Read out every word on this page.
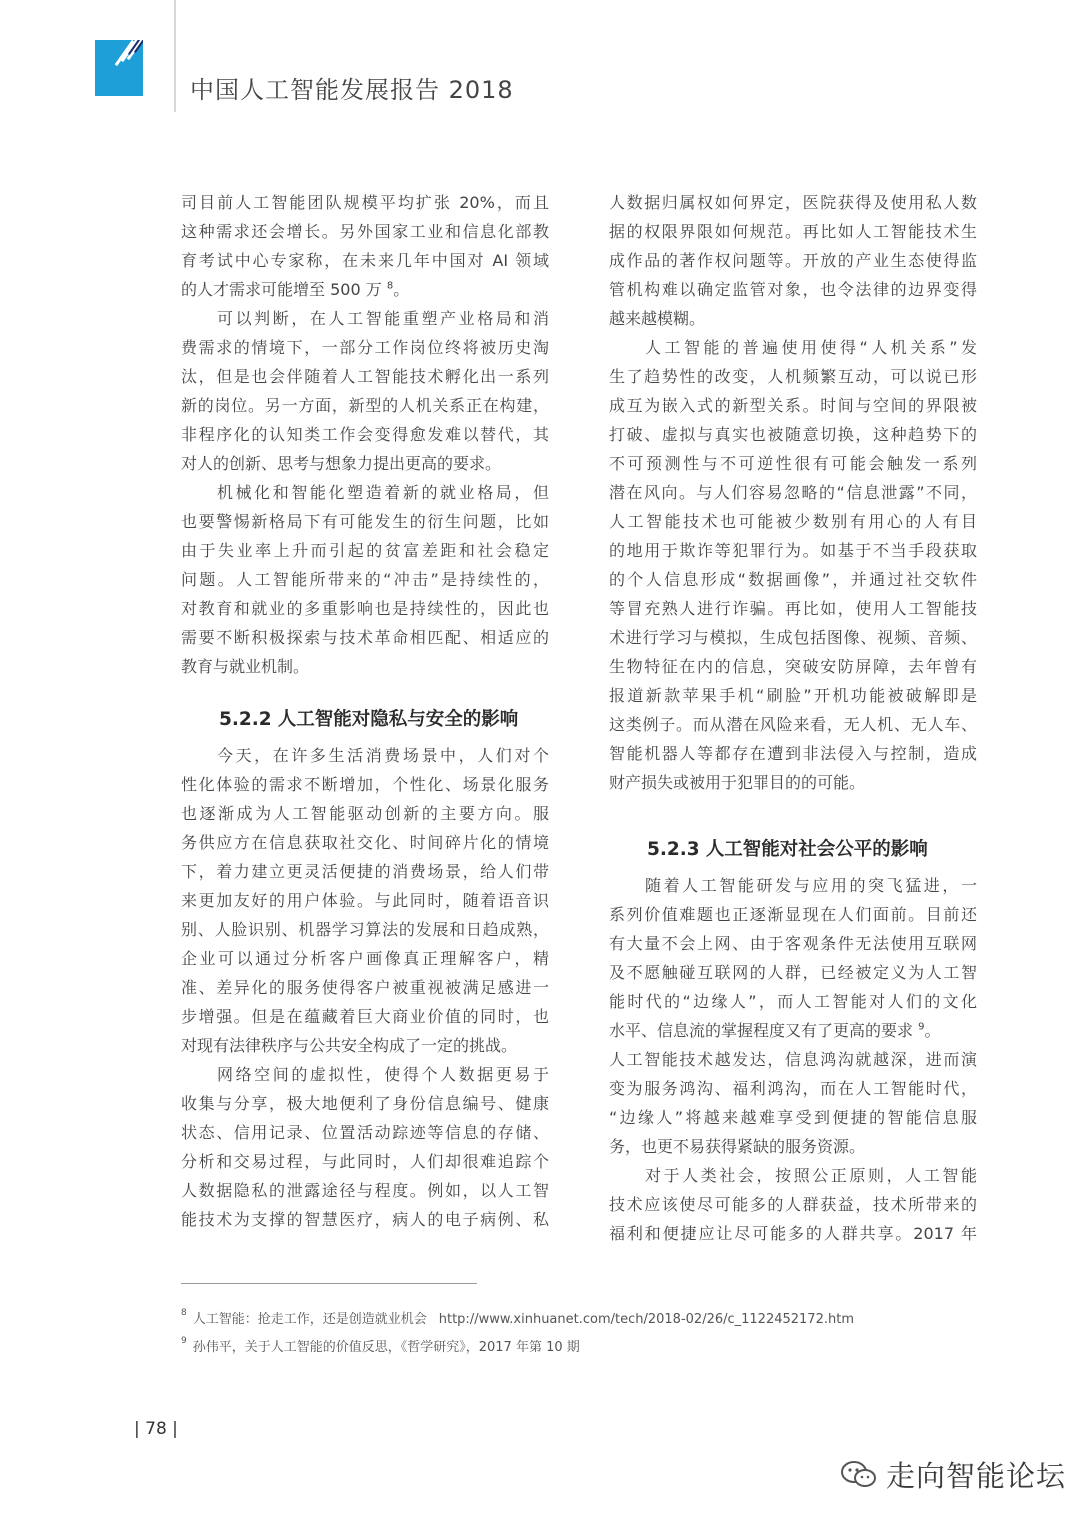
中国人工智能发展报告 2018
司目前人工智能团队规模平均扩张 20%，而且
这种需求还会增长。另外国家工业和信息化部教
育考试中心专家称，在未来几年中国对 AI 领域
的人才需求可能增至 500 万 $^8$。
可以判断，在人工智能重塑产业格局和消
费需求的情境下，一部分工作岗位终将被历史淘
汰，但是也会伴随着人工智能技术孵化出一系列
新的岗位。另一方面，新型的人机关系正在构建，
非程序化的认知类工作会变得愈发难以替代，其
对人的创新、思考与想象力提出更高的要求。
机械化和智能化塑造着新的就业格局，但
也要警惕新格局下有可能发生的衍生问题，比如
由于失业率上升而引起的贫富差距和社会稳定
问题。人工智能所带来的“冲击”是持续性的，
对教育和就业的多重影响也是持续性的，因此也
需要不断积极探索与技术革命相匹配、相适应的
教育与就业机制。
5.2.2 人工智能对隐私与安全的影响
今天，在许多生活消费场景中，人们对个
性化体验的需求不断增加，个性化、场景化服务
也逐渐成为人工智能驱动创新的主要方向。服
务供应方在信息获取社交化、时间碎片化的情境
下，着力建立更灵活便捷的消费场景，给人们带
来更加友好的用户体验。与此同时，随着语音识
别、人脸识别、机器学习算法的发展和日趋成熟，
企业可以通过分析客户画像真正理解客户，精
准、差异化的服务使得客户被重视被满足感进一
步增强。但是在蕴藏着巨大商业价值的同时，也
对现有法律秩序与公共安全构成了一定的挑战。
网络空间的虚拟性，使得个人数据更易于
收集与分享，极大地便利了身份信息编号、健康
状态、信用记录、位置活动踪迹等信息的存储、
分析和交易过程，与此同时，人们却很难追踪个
人数据隐私的泄露途径与程度。例如，以人工智
能技术为支撑的智慧医疗，病人的电子病例、私
人数据归属权如何界定，医院获得及使用私人数
据的权限界限如何规范。再比如人工智能技术生
成作品的著作权问题等。开放的产业生态使得监
管机构难以确定监管对象，也令法律的边界变得
越来越模糊。
人工智能的普遍使用使得“人机关系”发
生了趋势性的改变，人机频繁互动，可以说已形
成互为嵌入式的新型关系。时间与空间的界限被
打破、虚拟与真实也被随意切换，这种趋势下的
不可预测性与不可逆性很有可能会触发一系列
潜在风向。与人们容易忽略的“信息泄露”不同，
人工智能技术也可能被少数别有用心的人有目
的地用于欺诈等犯罪行为。如基于不当手段获取
的个人信息形成“数据画像”，并通过社交软件
等冒充熟人进行诈骗。再比如，使用人工智能技
术进行学习与模拟，生成包括图像、视频、音频、
生物特征在内的信息，突破安防屏障，去年曾有
报道新款苹果手机“刷脸”开机功能被破解即是
这类例子。而从潜在风险来看，无人机、无人车、
智能机器人等都存在遭到非法侵入与控制，造成
财产损失或被用于犯罪目的的可能。
5.2.3 人工智能对社会公平的影响
随着人工智能研发与应用的突飞猛进，一
系列价值难题也正逐渐显现在人们面前。目前还
有大量不会上网、由于客观条件无法使用互联网
及不愿触碰互联网的人群，已经被定义为人工智
能时代的“边缘人”，而人工智能对人们的文化
水平、信息流的掌握程度又有了更高的要求 $^9$。
人工智能技术越发达，信息鸿沟就越深，进而演
变为服务鸿沟、福利鸿沟，而在人工智能时代，
“边缘人”将越来越难享受到便捷的智能信息服
务，也更不易获得紧缺的服务资源。
对于人类社会，按照公正原则，人工智能
技术应该使尽可能多的人群获益，技术所带来的
福利和便捷应让尽可能多的人群共享。2017 年
$^8$ 人工智能：抢走工作，还是创造就业机会 http://www.xinhuanet.com/tech/2018-02/26/c_1122452172.htm
$^9$ 孙伟平，关于人工智能的价值反思，《哲学研究》，2017 年第 10 期
| 78 |
走向智能论坛
